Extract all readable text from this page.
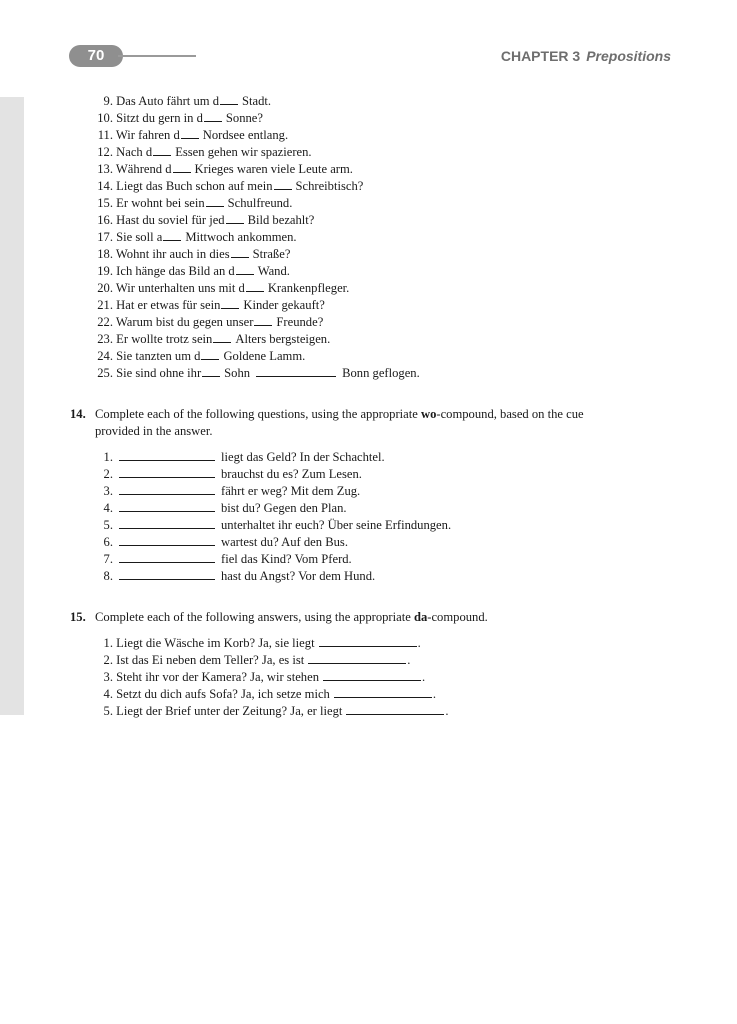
70	CHAPTER 3 Prepositions
9. Das Auto fährt um d Stadt.
10. Sitzt du gern in d Sonne?
11. Wir fahren d Nordsee entlang.
12. Nach d Essen gehen wir spazieren.
13. Während d Krieges waren viele Leute arm.
14. Liegt das Buch schon auf mein Schreibtisch?
15. Er wohnt bei sein Schulfreund.
16. Hast du soviel für jed Bild bezahlt?
17. Sie soll a Mittwoch ankommen.
18. Wohnt ihr auch in dies Straße?
19. Ich hänge das Bild an d Wand.
20. Wir unterhalten uns mit d Krankenpfleger.
21. Hat er etwas für sein Kinder gekauft?
22. Warum bist du gegen unser Freunde?
23. Er wollte trotz sein Alters bergsteigen.
24. Sie tanzten um d Goldene Lamm.
25. Sie sind ohne ihr Sohn	Bonn geflogen.
14. Complete each of the following questions, using the appropriate wo-compound, based on the cue
provided in the answer.
1.	liegt das Geld? In der Schachtel.
2.	brauchst du es? Zum Lesen.
3.	fährt er weg? Mit dem Zug.
4.	bist du? Gegen den Plan.
5.	unterhaltet ihr euch? Über seine Erfindungen.
6.	wartest du? Auf den Bus.
7.	fiel das Kind? Vom Pferd.
8.	hast du Angst? Vor dem Hund.
15. Complete each of the following answers, using the appropriate da-compound.
1. Liegt die Wäsche im Korb? Ja, sie liegt	.
2. Ist das Ei neben dem Teller? Ja, es ist	.
3. Steht ihr vor der Kamera? Ja, wir stehen	.
4. Setzt du dich aufs Sofa? Ja, ich setze mich	.
5. Liegt der Brief unter der Zeitung? Ja, er liegt	.
